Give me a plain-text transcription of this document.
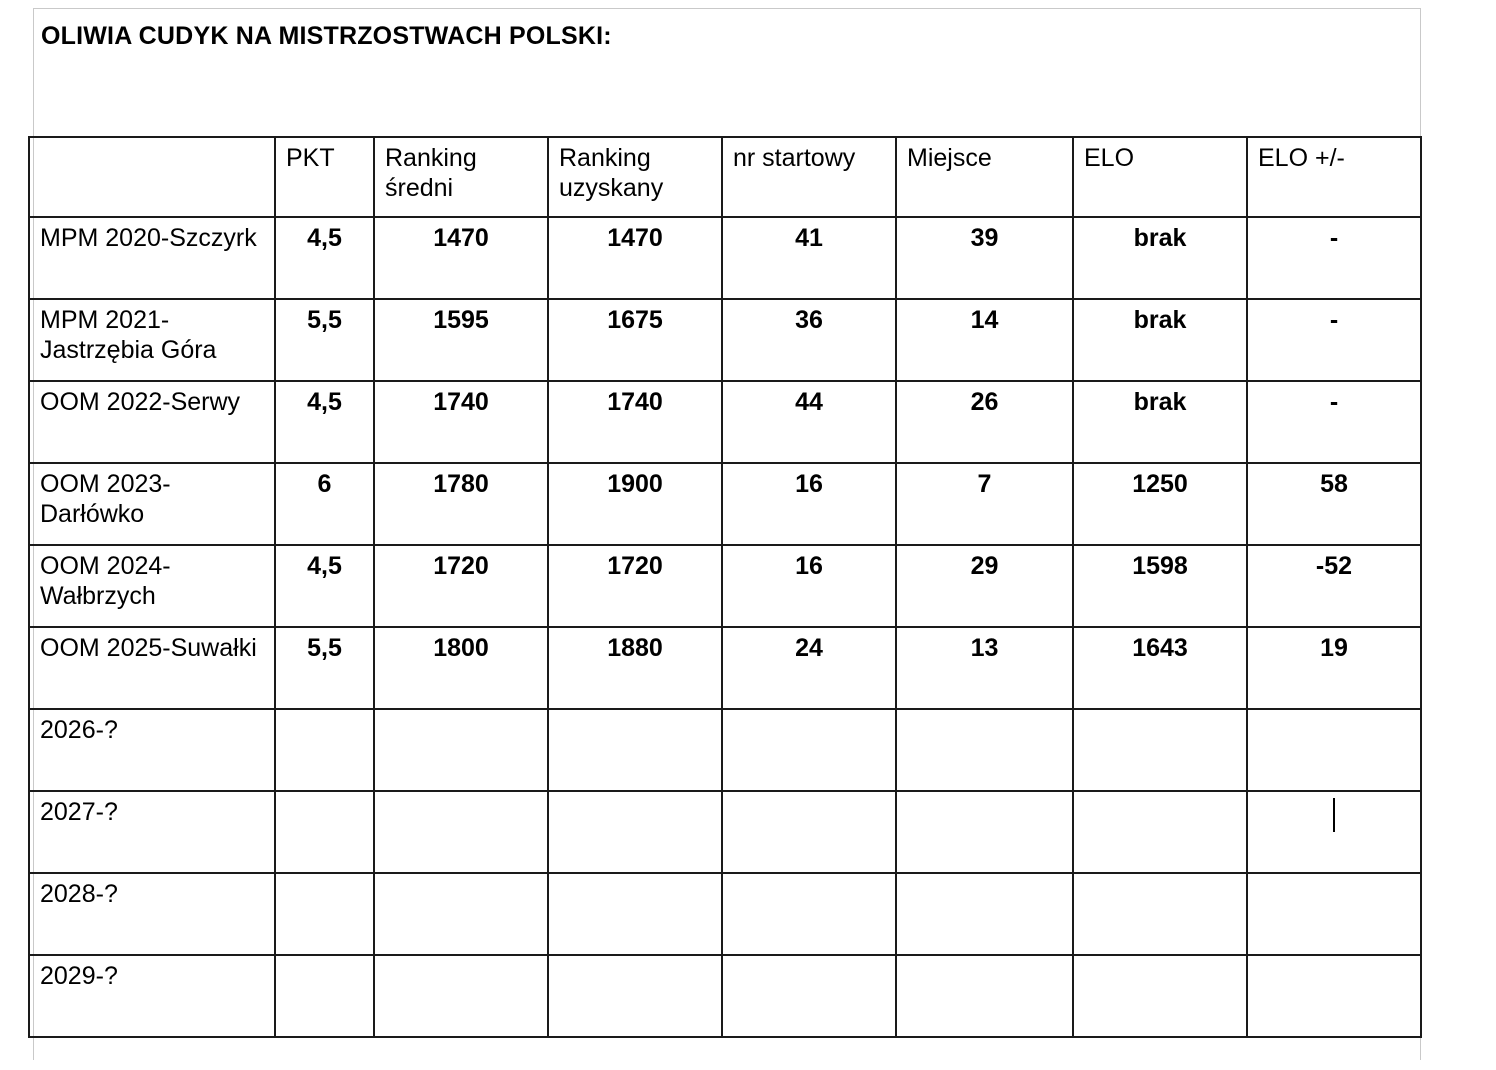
OLIWIA CUDYK NA MISTRZOSTWACH POLSKI:
	PKT	Ranking średni	Ranking uzyskany	nr startowy	Miejsce	ELO	ELO +/-
MPM 2020-Szczyrk	4,5	1470	1470	41	39	brak	-
MPM 2021-Jastrzębia Góra	5,5	1595	1675	36	14	brak	-
OOM 2022-Serwy	4,5	1740	1740	44	26	brak	-
OOM 2023-Darłówko	6	1780	1900	16	7	1250	58
OOM 2024-Wałbrzych	4,5	1720	1720	16	29	1598	-52
OOM 2025-Suwałki	5,5	1800	1880	24	13	1643	19
2026-?							
2027-?							
2028-?							
2029-?							
